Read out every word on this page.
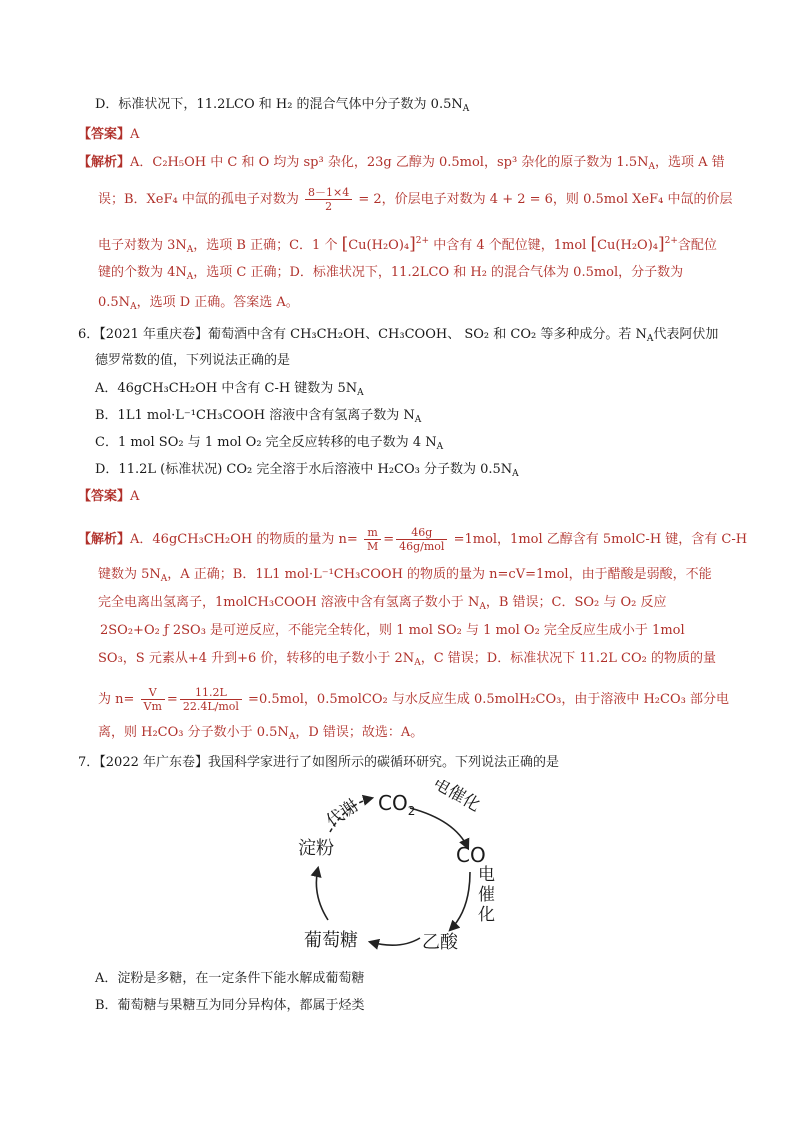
D．标准状况下，11.2LCO 和 H₂ 的混合气体中分子数为 $0.5N_A$
【答案】A
【解析】A．C₂H₅OH 中 C 和 O 均为 sp³ 杂化，23g 乙醇为 0.5mol，sp³ 杂化的原子数为 $1.5N_A$，选项 A 错
误；B．XeF₄ 中氙的孤电子对数为 $\frac{8-1\times 4}{2} = 2$，价层电子对数为 4 + 2 = 6，则 0.5mol XeF₄ 中氙的价层
电子对数为 $3N_A$，选项 B 正确；C．1 个 $[Cu(H_2O)_4]^{2+}$ 中含有 4 个配位键，1mol $[Cu(H_2O)_4]^{2+}$含配位
键的个数为 $4N_A$，选项 C 正确；D．标准状况下，11.2LCO 和 H₂ 的混合气体为 0.5mol，分子数为
$0.5N_A$，选项 D 正确。答案选 A。
6．【2021 年重庆卷】葡萄酒中含有 CH₃CH₂OH、CH₃COOH、 SO₂ 和 CO₂ 等多种成分。若 $N_A$代表阿伏加
德罗常数的值，下列说法正确的是
A．46gCH₃CH₂OH 中含有 C-H 键数为 $5N_A$
B．1L1 mol·L⁻¹CH₃COOH 溶液中含有氢离子数为 $N_A$
C．1 mol SO₂ 与 1 mol O₂ 完全反应转移的电子数为 4 $N_A$
D．11.2L (标准状况) CO₂ 完全溶于水后溶液中 H₂CO₃ 分子数为 $0.5N_A$
【答案】A
【解析】A．46gCH₃CH₂OH 的物质的量为 $n= \frac{m}{M} = \frac{46g}{\text{46g/mol}} =1mol$，1mol 乙醇含有 5molC-H 键，含有 C-H
键数为 $5N_A$，A 正确；B．1L1 mol·L⁻¹CH₃COOH 的物质的量为 n=cV=1mol，由于醋酸是弱酸，不能
完全电离出氢离子，1molCH₃COOH 溶液中含有氢离子数小于 $N_A$，B 错误；C．SO₂ 与 O₂ 反应
2SO₂+O₂ ƒ 2SO₃ 是可逆反应，不能完全转化，则 1 mol SO₂ 与 1 mol O₂ 完全反应生成小于 1mol
SO₃，S 元素从+4 升到+6 价，转移的电子数小于 $2N_A$，C 错误；D．标准状况下 11.2L CO₂ 的物质的量
为 $n= \frac{V}{Vm} = \frac{11.2L}{\text{22.4L/mol}} =0.5mol$，0.5molCO₂ 与水反应生成 0.5molH₂CO₃，由于溶液中 H₂CO₃ 部分电
离，则 H₂CO₃ 分子数小于 $0.5N_A$，D 错误；故选：A。
7．【2022 年广东卷】我国科学家进行了如图所示的碳循环研究。下列说法正确的是
$CO_2$
CO
乙酸
葡萄糖
淀粉
电催化
电
催
化
代谢
A．淀粉是多糖，在一定条件下能水解成葡萄糖
B．葡萄糖与果糖互为同分异构体，都属于烃类
